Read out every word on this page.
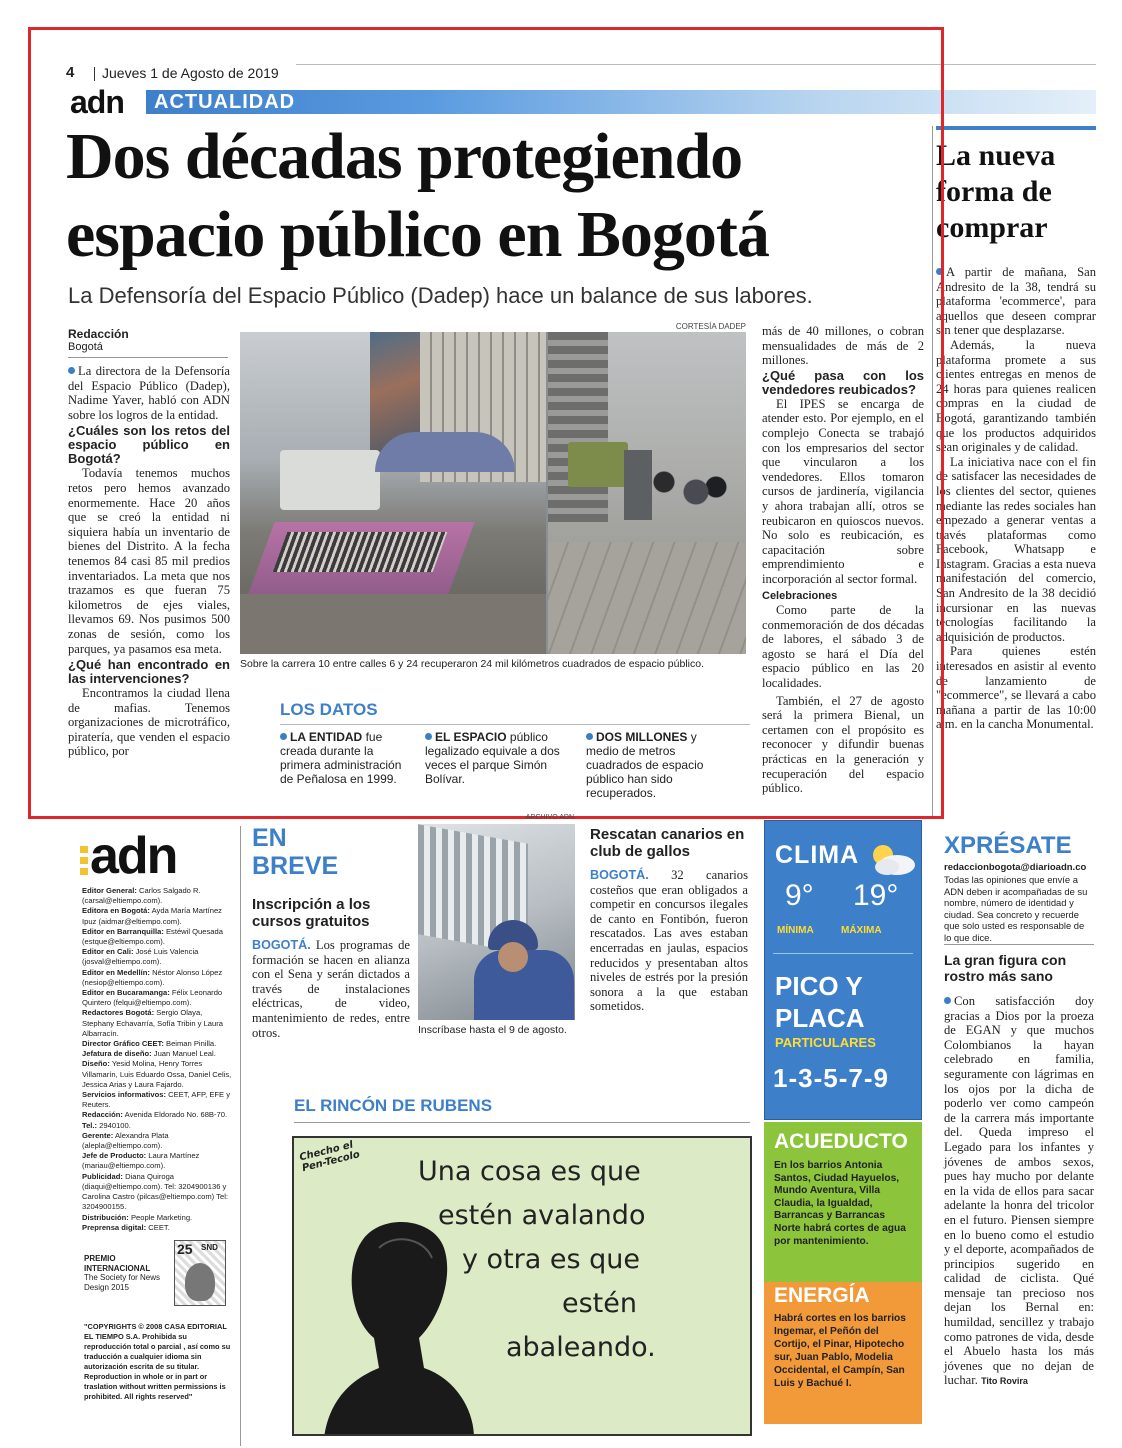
4 Jueves 1 de Agosto de 2019
adn ACTUALIDAD
Dos décadas protegiendo
espacio público en Bogotá
La Defensoría del Espacio Público (Dadep) hace un balance de sus labores.
Redacción
Bogotá

La directora de la Defensoría del Espacio Público (Dadep), Nadime Yaver, habló con ADN sobre los logros de la entidad.

¿Cuáles son los retos del espacio público en Bogotá?

Todavía tenemos muchos retos pero hemos avanzado enormemente. Hace 20 años que se creó la entidad ni siquiera había un inventario de bienes del Distrito. A la fecha tenemos 84 casi 85 mil predios inventariados. La meta que nos trazamos es que fueran 75 kilometros de ejes viales, llevamos 69. Nos pusimos 500 zonas de sesión, como los parques, ya pasamos esa meta.

¿Qué han encontrado en las intervenciones?

Encontramos la ciudad llena de mafias. Tenemos organizaciones de microtráfico, piratería, que venden el espacio público, por

CORTESÍA DADEP
Sobre la carrera 10 entre calles 6 y 24 recuperaron 24 mil kilómetros cuadrados de espacio público.

más de 40 millones, o cobran mensualidades de más de 2 millones.

¿Qué pasa con los vendedores reubicados?

El IPES se encarga de atender esto. Por ejemplo, en el complejo Conecta se trabajó con los empresarios del sector que vincularon a los vendedores. Ellos tomaron cursos de jardinería, vigilancia y ahora trabajan allí, otros se reubicaron en quioscos nuevos. No solo es reubicación, es capacitación sobre emprendimiento e incorporación al sector formal.

Celebraciones

Como parte de la conmemoración de dos décadas de labores, el sábado 3 de agosto se hará el Día del espacio público en las 20 localidades.

También, el 27 de agosto será la primera Bienal, un certamen con el propósito es reconocer y difundir buenas prácticas en la generación y recuperación del espacio público.

LOS DATOS
LA ENTIDAD fue creada durante la primera administración de Peñalosa en 1999.
EL ESPACIO público legalizado equivale a dos veces el parque Simón Bolívar.
DOS MILLONES y medio de metros cuadrados de espacio público han sido recuperados.
La nueva forma de comprar

A partir de mañana, San Andresito de la 38, tendrá su plataforma 'ecommerce', para aquellos que deseen comprar sin tener que desplazarse.

Además, la nueva plataforma promete a sus clientes entregas en menos de 24 horas para quienes realicen compras en la ciudad de Bogotá, garantizando también que los productos adquiridos sean originales y de calidad.

La iniciativa nace con el fin de satisfacer las necesidades de los clientes del sector, quienes mediante las redes sociales han empezado a generar ventas a través plataformas como Facebook, Whatsapp e Instagram. Gracias a esta nueva manifestación del comercio, San Andresito de la 38 decidió incursionar en las nuevas tecnologías facilitando la adquisición de productos.

Para quienes estén interesados en asistir al evento de lanzamiento de "ecommerce", se llevará a cabo mañana a partir de las 10:00 a.m. en la cancha Monumental.

adn
Editor General: Carlos Salgado R. (carsal@eltiempo.com).
Editora en Bogotá: Ayda María Martínez Ipuz (aidmar@eltiempo.com).
Editor en Barranquilla: Estéwil Quesada (estque@eltiempo.com).
Editor en Cali: José Luis Valencia (josval@eltiempo.com).
Editor en Medellín: Néstor Alonso López (nesiop@eltiempo.com).
Editor en Bucaramanga: Félix Leonardo Quintero (felqui@eltiempo.com).
Redactores Bogotá: Sergio Olaya, Stephany Echavarría, Sofía Tribin y Laura Albarracín.
Director Gráfico CEET: Beiman Pinilla.
Jefatura de diseño: Juan Manuel Leal.
Diseño: Yesid Molina, Henry Torres Villamarín, Luis Eduardo Ossa, Daniel Celis, Jessica Arias y Laura Fajardo.
Servicios informativos: CEET, AFP, EFE y Reuters.
Redacción: Avenida Eldorado No. 68B-70.
Tel.: 2940100.
Gerente: Alexandra Plata (alepla@eltiempo.com).
Jefe de Producto: Laura Martínez (mariau@eltiempo.com).
Publicidad: Diana Quiroga (diaqui@eltiempo.com). Tel: 3204900136 y Carolina Castro (pilcas@eltiempo.com) Tel: 3204900155.
Distribución: People Marketing.
Preprensa digital: CEET.
PREMIO INTERNACIONAL
The Society for News Design 2015
25 SND
"COPYRIGHTS © 2008 CASA EDITORIAL EL TIEMPO S.A. Prohibida su reproducción total o parcial , así como su traducción a cualquier idioma sin autorización escrita de su titular. Reproduction in whole or in part or traslation without written permissions is prohibited. All rights reserved"
EN
BREVE
Inscripción a los cursos gratuitos
BOGOTÁ. Los programas de formación se hacen en alianza con el Sena y serán dictados a través de instalaciones eléctricas, de video, mantenimiento de redes, entre otros.
ARCHIVO ADN
Inscríbase hasta el 9 de agosto.
Rescatan canarios en club de gallos
BOGOTÁ. 32 canarios costeños que eran obligados a competir en concursos ilegales de canto en Fontibón, fueron rescatados. Las aves estaban encerradas en jaulas, espacios reducidos y presentaban altos niveles de estrés por la presión sonora a la que estaban sometidos.
EL RINCÓN DE RUBENS
Checho el Pen-Tecolo	Una cosa es que
estén avalando
y otra es que
estén
abaleando.
CLIMA
9° 19°
MÍNIMA	MÁXIMA
PICO Y
PLACA
PARTICULARES
1-3-5-7-9
ACUEDUCTO
En los barrios Antonia Santos, Ciudad Hayuelos, Mundo Aventura, Villa Claudia, la Igualdad, Barrancas y Barrancas Norte habrá cortes de agua por mantenimiento.
ENERGÍA
Habrá cortes en los barrios Ingemar, el Peñón del Cortijo, el Pinar, Hipotecho sur, Juan Pablo, Modelia Occidental, el Campín, San Luis y Bachué I.
XPRÉSATE
redaccionbogota@diarioadn.co
Todas las opiniones que envíe a ADN deben ir acompañadas de su nombre, número de identidad y ciudad. Sea concreto y recuerde que solo usted es responsable de lo que dice.
La gran figura con rostro más sano
Con satisfacción doy gracias a Dios por la proeza de EGAN y que muchos Colombianos la hayan celebrado en familia, seguramente con lágrimas en los ojos por la dicha de poderlo ver como campeón de la carrera más importante del. Queda impreso el Legado para los infantes y jóvenes de ambos sexos, pues hay mucho por delante en la vida de ellos para sacar adelante la honra del tricolor en el futuro. Piensen siempre en lo bueno como el estudio y el deporte, acompañados de principios sugerido en calidad de ciclista. Qué mensaje tan precioso nos dejan los Bernal en: humildad, sencillez y trabajo como patrones de vida, desde el Abuelo hasta los más jóvenes que no dejan de luchar. Tito Rovira
